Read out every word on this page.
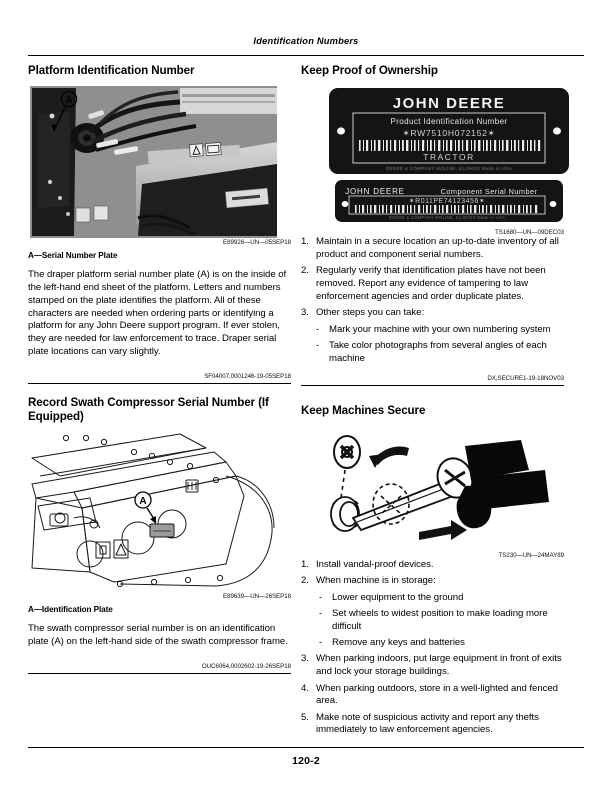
Identification Numbers
Platform Identification Number
A
E89926—UN—05SEP18
A—Serial Number Plate

The draper platform serial number plate (A) is on the inside of the left-hand end sheet of the platform. Letters and numbers stamped on the plate identifies the platform. All of these characters are needed when ordering parts or identifying a platform for any John Deere support program. If ever stolen, they are needed for law enforcement to trace. Draper serial plate locations can vary slightly.

SF04007,0001246-19-05SEP18
Record Swath Compressor Serial Number (If Equipped)
A
E89639—UN—26SEP18
A—Identification Plate

The swath compressor serial number is on an identification plate (A) on the left-hand side of the swath compressor frame.

OUC6064,0002602-19-26SEP18
Keep Proof of Ownership
JOHN DEERE
Product Identification Number
✶RW7510H072152✶
TRACTOR
DEERE & COMPANY MOLINE, ILLINOIS Made in USA
JOHN DEERE	Component Serial Number
✶R011PE74123456✶
DEERE & COMPANY MOLINE, ILLINOIS Made in USA
TS1680—UN—09DEC03
1. Maintain in a secure location an up-to-date inventory of all product and component serial numbers.
2. Regularly verify that identification plates have not been removed. Report any evidence of tampering to law enforcement agencies and order duplicate plates.
3. Other steps you can take:
- Mark your machine with your own numbering system
- Take color photographs from several angles of each machine
DX,SECURE1-19-18NOV03
Keep Machines Secure
TS230—UN—24MAY89
1. Install vandal-proof devices.
2. When machine is in storage:
- Lower equipment to the ground
- Set wheels to widest position to make loading more difficult
- Remove any keys and batteries
3. When parking indoors, put large equipment in front of exits and lock your storage buildings.
4. When parking outdoors, store in a well-lighted and fenced area.
5. Make note of suspicious activity and report any thefts immediately to law enforcement agencies.
120-2
